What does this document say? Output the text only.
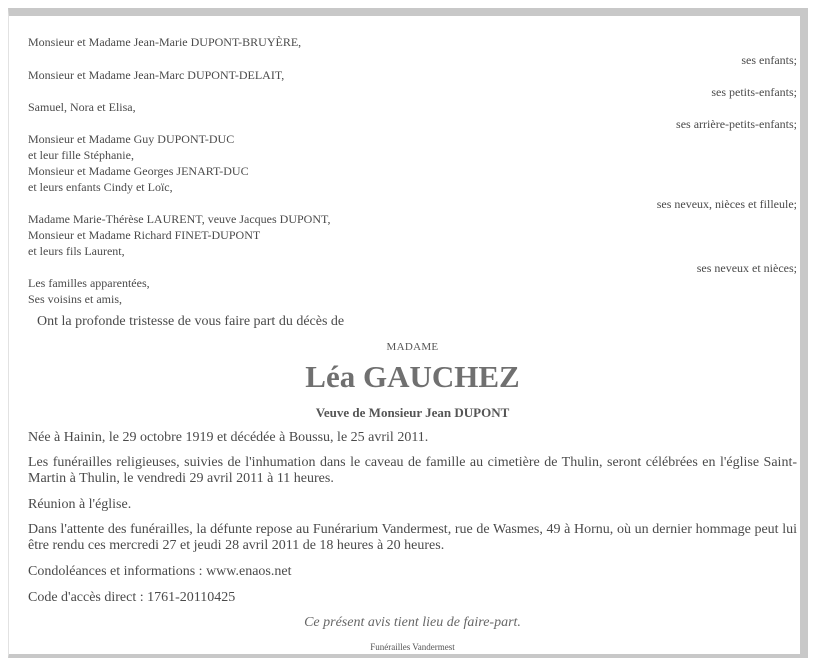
Monsieur et Madame Jean-Marie DUPONT-BRUYÈRE,
ses enfants;
Monsieur et Madame Jean-Marc DUPONT-DELAIT,
ses petits-enfants;
Samuel, Nora et Elisa,
ses arrière-petits-enfants;
Monsieur et Madame Guy DUPONT-DUC
et leur fille Stéphanie,
Monsieur et Madame Georges JENART-DUC
et leurs enfants Cindy et Loïc,
ses neveux, nièces et filleule;
Madame Marie-Thérèse LAURENT, veuve Jacques DUPONT,
Monsieur et Madame Richard FINET-DUPONT
et leurs fils Laurent,
ses neveux et nièces;
Les familles apparentées,
Ses voisins et amis,
Ont la profonde tristesse de vous faire part du décès de
MADAME
Léa GAUCHEZ
Veuve de Monsieur Jean DUPONT
Née à Hainin, le 29 octobre 1919 et décédée à Boussu, le 25 avril 2011.
Les funérailles religieuses, suivies de l'inhumation dans le caveau de famille au cimetière de Thulin, seront célébrées en l'église Saint-Martin à Thulin, le vendredi 29 avril 2011 à 11 heures.
Réunion à l'église.
Dans l'attente des funérailles, la défunte repose au Funérarium Vandermest, rue de Wasmes, 49 à Hornu, où un dernier hommage peut lui être rendu ces mercredi 27 et jeudi 28 avril 2011 de 18 heures à 20 heures.
Condoléances et informations : www.enaos.net
Code d'accès direct : 1761-20110425
Ce présent avis tient lieu de faire-part.
Funérailles Vandermest
